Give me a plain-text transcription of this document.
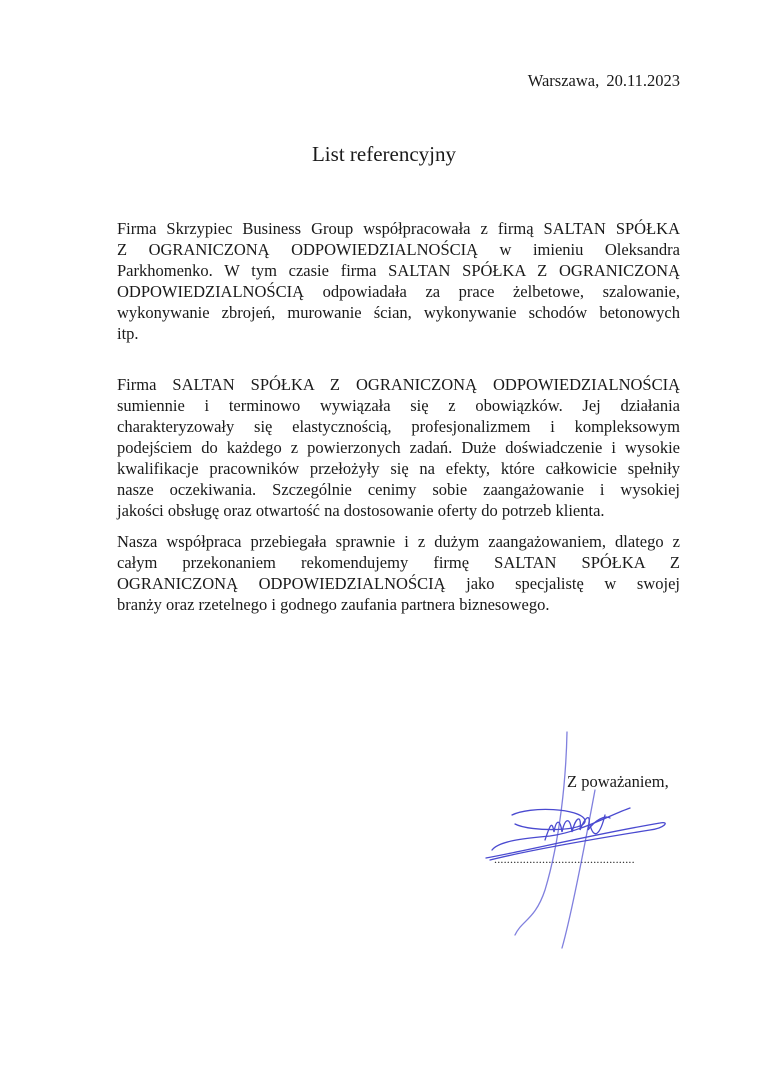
Warszawa, 20.11.2023
List referencyjny
Firma Skrzypiec Business Group współpracowała z firmą SALTAN SPÓŁKA
Z OGRANICZONĄ ODPOWIEDZIALNOŚCIĄ w imieniu Oleksandra
Parkhomenko. W tym czasie firma SALTAN SPÓŁKA Z OGRANICZONĄ
ODPOWIEDZIALNOŚCIĄ odpowiadała za prace żelbetowe, szalowanie,
wykonywanie zbrojeń, murowanie ścian, wykonywanie schodów betonowych
itp.
Firma SALTAN SPÓŁKA Z OGRANICZONĄ ODPOWIEDZIALNOŚCIĄ
sumiennie i terminowo wywiązała się z obowiązków. Jej działania
charakteryzowały się elastycznością, profesjonalizmem i kompleksowym
podejściem do każdego z powierzonych zadań. Duże doświadczenie i wysokie
kwalifikacje pracowników przełożyły się na efekty, które całkowicie spełniły
nasze oczekiwania. Szczególnie cenimy sobie zaangażowanie i wysokiej
jakości obsługę oraz otwartość na dostosowanie oferty do potrzeb klienta.
Nasza współpraca przebiegała sprawnie i z dużym zaangażowaniem, dlatego z
całym przekonaniem rekomendujemy firmę SALTAN SPÓŁKA Z
OGRANICZONĄ ODPOWIEDZIALNOŚCIĄ jako specjalistę w swojej
branży oraz rzetelnego i godnego zaufania partnera biznesowego.
Z poważaniem,
............................................
